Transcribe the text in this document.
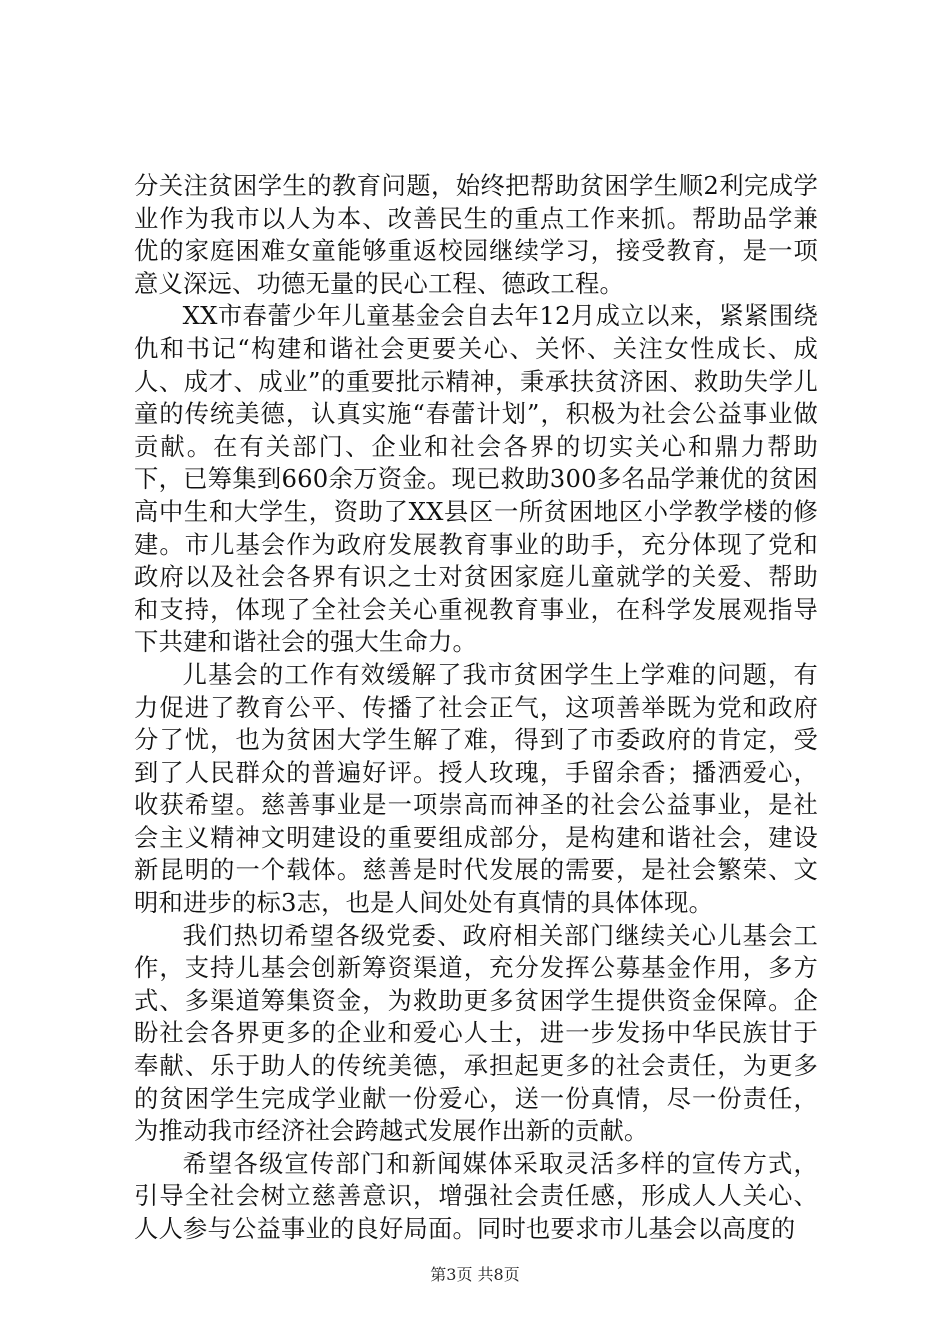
分关注贫困学生的教育问题，始终把帮助贫困学生顺2利完成学业作为我市以人为本、改善民生的重点工作来抓。帮助品学兼优的家庭困难女童能够重返校园继续学习，接受教育，是一项意义深远、功德无量的民心工程、德政工程。

XX市春蕾少年儿童基金会自去年12月成立以来，紧紧围绕仇和书记“构建和谐社会更要关心、关怀、关注女性成长、成人、成才、成业”的重要批示精神，秉承扶贫济困、救助失学儿童的传统美德，认真实施“春蕾计划”，积极为社会公益事业做贡献。在有关部门、企业和社会各界的切实关心和鼎力帮助下，已筹集到660余万资金。现已救助300多名品学兼优的贫困高中生和大学生，资助了XX县区一所贫困地区小学教学楼的修建。市儿基会作为政府发展教育事业的助手，充分体现了党和政府以及社会各界有识之士对贫困家庭儿童就学的关爱、帮助和支持，体现了全社会关心重视教育事业，在科学发展观指导下共建和谐社会的强大生命力。

儿基会的工作有效缓解了我市贫困学生上学难的问题，有力促进了教育公平、传播了社会正气，这项善举既为党和政府分了忧，也为贫困大学生解了难，得到了市委政府的肯定，受到了人民群众的普遍好评。授人玫瑰，手留余香；播洒爱心，收获希望。慈善事业是一项崇高而神圣的社会公益事业，是社会主义精神文明建设的重要组成部分，是构建和谐社会，建设新昆明的一个载体。慈善是时代发展的需要，是社会繁荣、文明和进步的标3志，也是人间处处有真情的具体体现。

我们热切希望各级党委、政府相关部门继续关心儿基会工作，支持儿基会创新筹资渠道，充分发挥公募基金作用，多方式、多渠道筹集资金，为救助更多贫困学生提供资金保障。企盼社会各界更多的企业和爱心人士，进一步发扬中华民族甘于奉献、乐于助人的传统美德，承担起更多的社会责任，为更多的贫困学生完成学业献一份爱心，送一份真情，尽一份责任，为推动我市经济社会跨越式发展作出新的贡献。

希望各级宣传部门和新闻媒体采取灵活多样的宣传方式，引导全社会树立慈善意识，增强社会责任感，形成人人关心、人人参与公益事业的良好局面。同时也要求市儿基会以高度的

第3页 共8页
